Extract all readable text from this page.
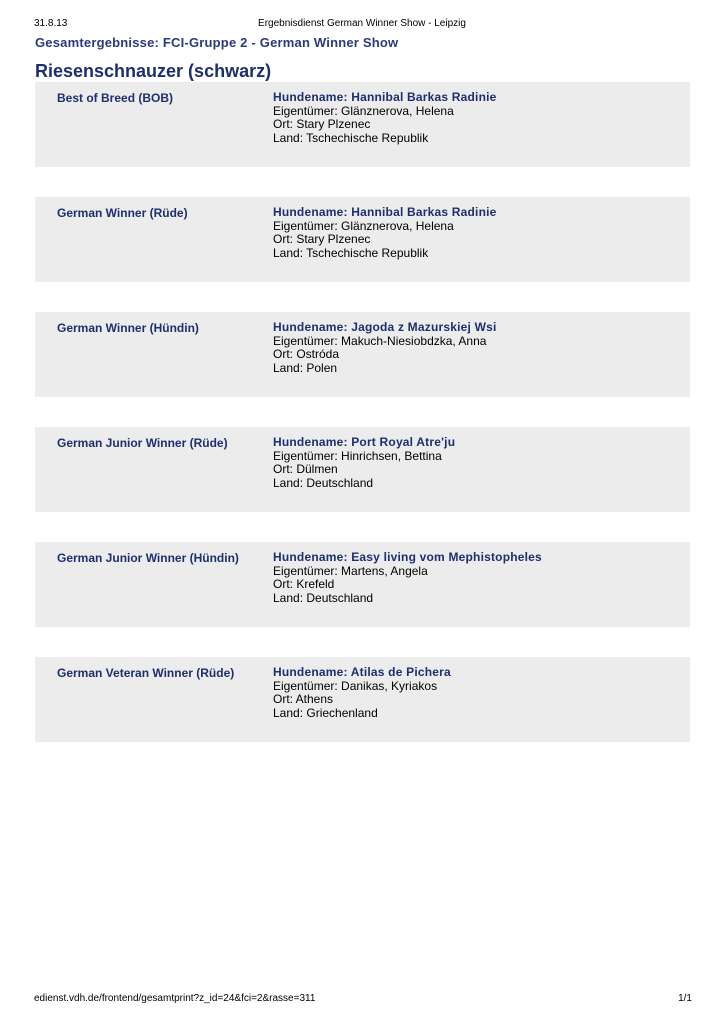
31.8.13	Ergebnisdienst German Winner Show - Leipzig
Gesamtergebnisse: FCI-Gruppe 2 - German Winner Show
Riesenschnauzer (schwarz)
Best of Breed (BOB)	Hundename: Hannibal Barkas Radinie
Eigentümer: Glänznerova, Helena
Ort: Stary Plzenec
Land: Tschechische Republik
German Winner (Rüde)	Hundename: Hannibal Barkas Radinie
Eigentümer: Glänznerova, Helena
Ort: Stary Plzenec
Land: Tschechische Republik
German Winner (Hündin)	Hundename: Jagoda z Mazurskiej Wsi
Eigentümer: Makuch-Niesiobdzka, Anna
Ort: Ostróda
Land: Polen
German Junior Winner (Rüde)	Hundename: Port Royal Atre'ju
Eigentümer: Hinrichsen, Bettina
Ort: Dülmen
Land: Deutschland
German Junior Winner (Hündin)	Hundename: Easy living vom Mephistopheles
Eigentümer: Martens, Angela
Ort: Krefeld
Land: Deutschland
German Veteran Winner (Rüde)	Hundename: Atilas de Pichera
Eigentümer: Danikas, Kyriakos
Ort: Athens
Land: Griechenland
edienst.vdh.de/frontend/gesamtprint?z_id=24&fci=2&rasse=311	1/1
